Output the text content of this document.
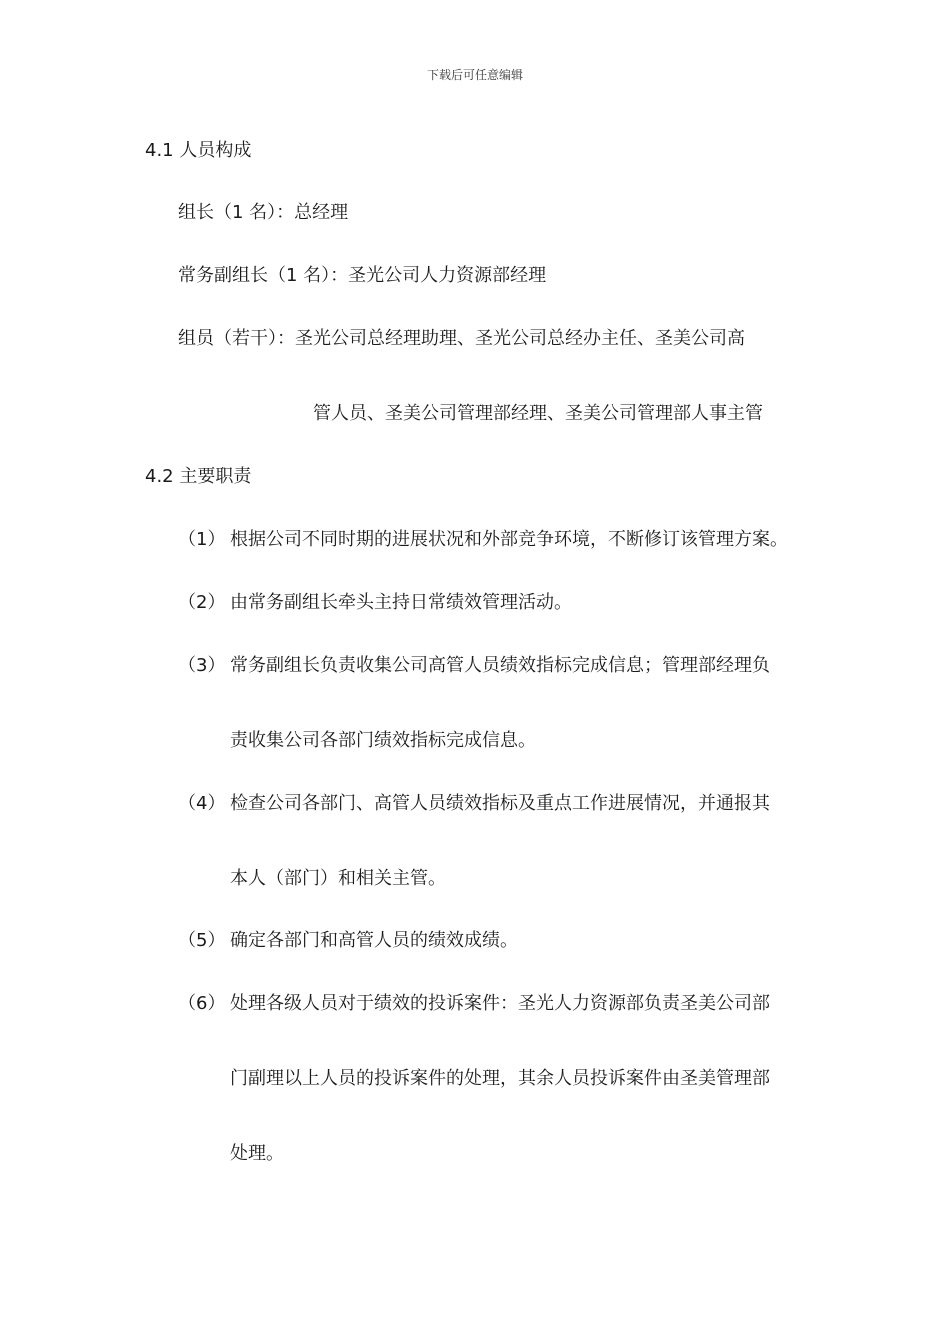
下载后可任意编辑
4.1 人员构成
组长（1 名）：总经理
常务副组长（1 名）：圣光公司人力资源部经理
组员（若干）：圣光公司总经理助理、圣光公司总经办主任、圣美公司高
管人员、圣美公司管理部经理、圣美公司管理部人事主管
4.2 主要职责
（1） 根据公司不同时期的进展状况和外部竞争环境，不断修订该管理方案。
（2） 由常务副组长牵头主持日常绩效管理活动。
（3） 常务副组长负责收集公司高管人员绩效指标完成信息；管理部经理负
责收集公司各部门绩效指标完成信息。
（4） 检查公司各部门、高管人员绩效指标及重点工作进展情况，并通报其
本人（部门）和相关主管。
（5） 确定各部门和高管人员的绩效成绩。
（6） 处理各级人员对于绩效的投诉案件：圣光人力资源部负责圣美公司部
门副理以上人员的投诉案件的处理，其余人员投诉案件由圣美管理部
处理。
